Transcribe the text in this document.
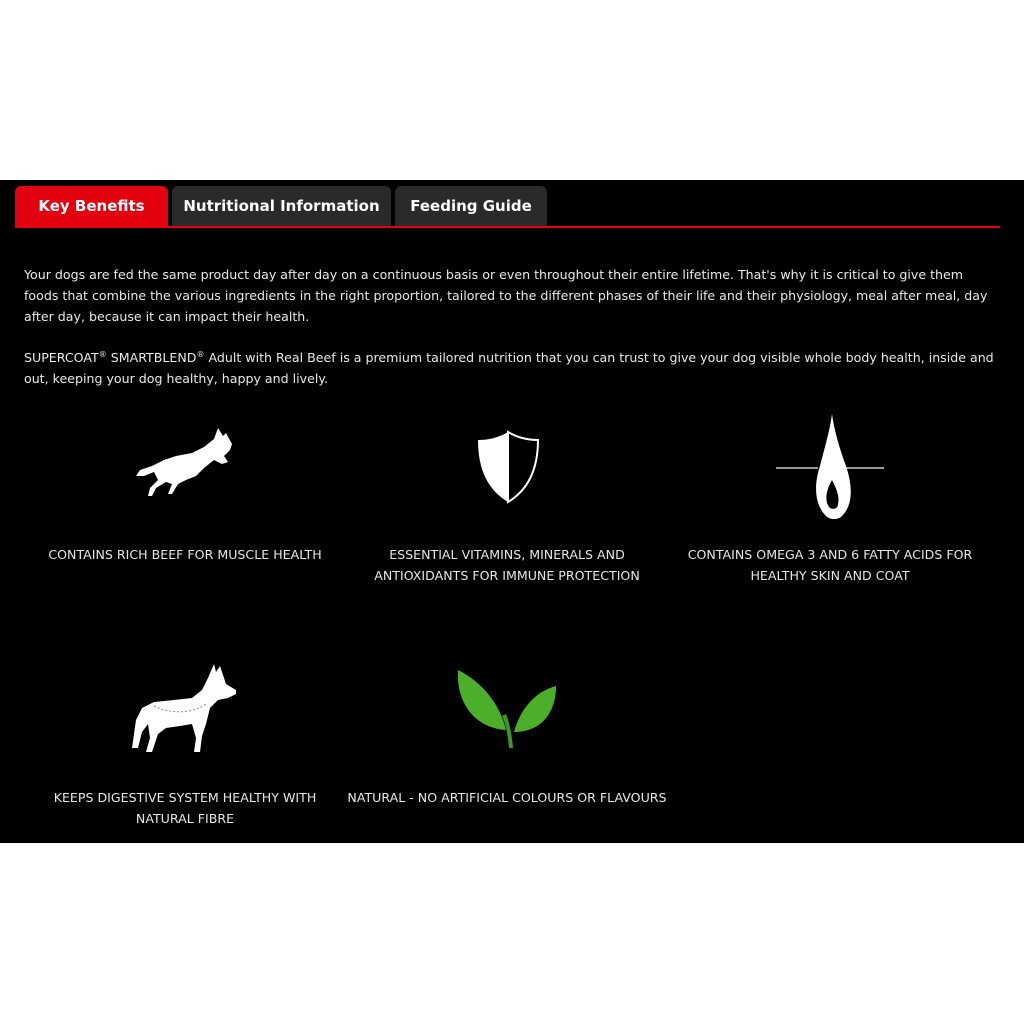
Key Benefits	Nutritional Information	Feeding Guide

Your dogs are fed the same product day after day on a continuous basis or even throughout their entire lifetime. That's why it is critical to give them foods that combine the various ingredients in the right proportion, tailored to the different phases of their life and their physiology, meal after meal, day after day, because it can impact their health.

SUPERCOAT® SMARTBLEND® Adult with Real Beef is a premium tailored nutrition that you can trust to give your dog visible whole body health, inside and out, keeping your dog healthy, happy and lively.

CONTAINS RICH BEEF FOR MUSCLE HEALTH	ESSENTIAL VITAMINS, MINERALS AND ANTIOXIDANTS FOR IMMUNE PROTECTION
CONTAINS OMEGA 3 AND 6 FATTY ACIDS FOR HEALTHY SKIN AND COAT
KEEPS DIGESTIVE SYSTEM HEALTHY WITH NATURAL FIBRE
NATURAL - NO ARTIFICIAL COLOURS OR FLAVOURS
